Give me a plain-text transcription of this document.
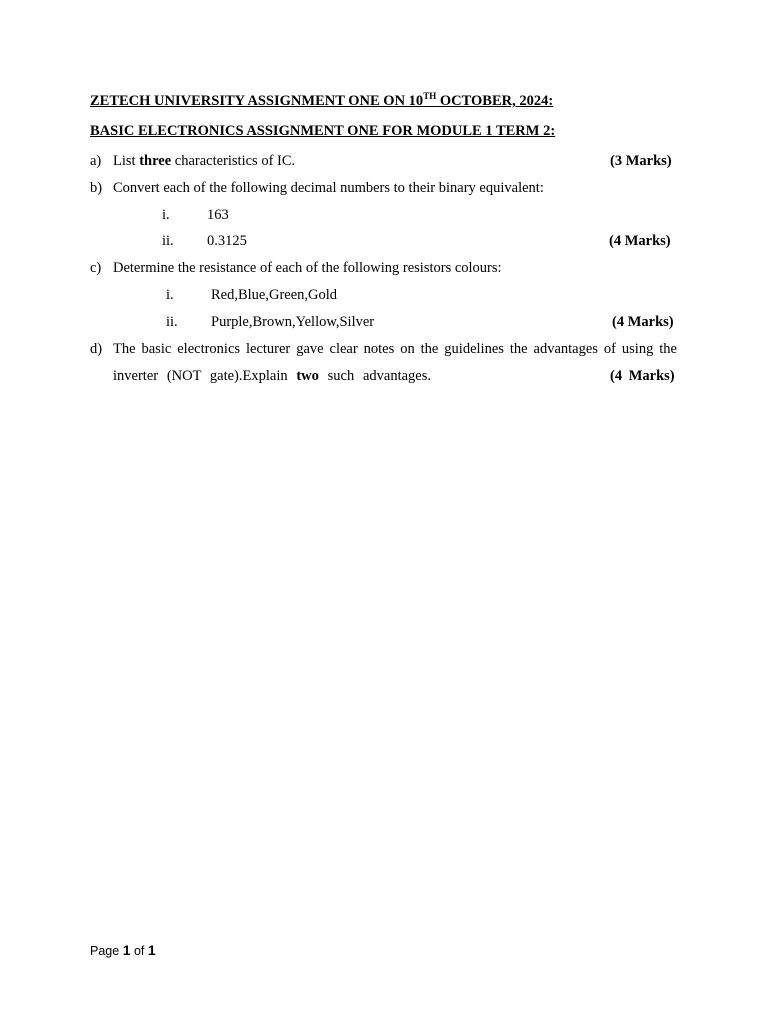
ZETECH UNIVERSITY ASSIGNMENT ONE ON 10TH OCTOBER, 2024:
BASIC ELECTRONICS ASSIGNMENT ONE FOR MODULE 1 TERM 2:
a) List three characteristics of IC.	(3 Marks)
b) Convert each of the following decimal numbers to their binary equivalent:
i.	163
ii. 0.3125	(4 Marks)
c) Determine the resistance of each of the following resistors colours:
i.	Red,Blue,Green,Gold
ii. Purple,Brown,Yellow,Silver	(4 Marks)
d) The basic electronics lecturer gave clear notes on the guidelines the advantages of using the
inverter (NOT gate).Explain two such advantages.	(4 Marks)
Page 1 of 1
